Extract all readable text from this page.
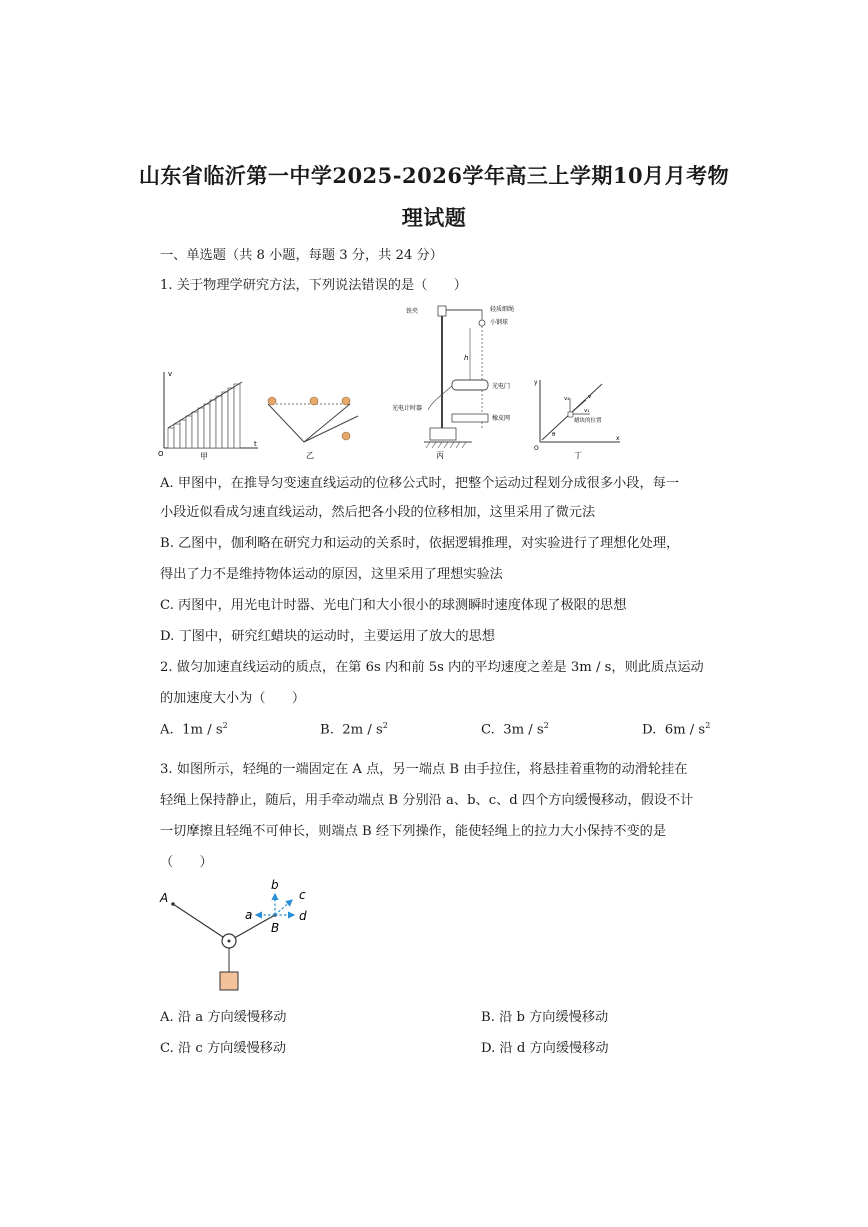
山东省临沂第一中学2025-2026学年高三上学期10月月考物
理试题
一、单选题（共 8 小题，每题 3 分，共 24 分）
1. 关于物理学研究方法，下列说法错误的是（　　）
O
v
t
甲	乙
铁夹	轻质细绳
小钢球
光电门
光电计时器
橡皮网
h
丙
O
y
x
v₂	v
v₁
θ
蜡块的位置
丁
A. 甲图中，在推导匀变速直线运动的位移公式时，把整个运动过程划分成很多小段，每一
小段近似看成匀速直线运动，然后把各小段的位移相加，这里采用了微元法
B. 乙图中，伽利略在研究力和运动的关系时，依据逻辑推理，对实验进行了理想化处理，
得出了力不是维持物体运动的原因，这里采用了理想实验法
C. 丙图中，用光电计时器、光电门和大小很小的球测瞬时速度体现了极限的思想
D. 丁图中，研究红蜡块的运动时，主要运用了放大的思想
2. 做匀加速直线运动的质点，在第 6s 内和前 5s 内的平均速度之差是 3m / s，则此质点运动
的加速度大小为（　　）
A. $1m / s^2$	B. $2m / s^2$	C. $3m / s^2$	D. $6m / s^2$
3. 如图所示，轻绳的一端固定在 A 点，另一端点 B 由手拉住，将悬挂着重物的动滑轮挂在
轻绳上保持静止，随后，用手牵动端点 B 分别沿 a、b、c、d 四个方向缓慢移动，假设不计
一切摩擦且轻绳不可伸长，则端点 B 经下列操作，能使轻绳上的拉力大小保持不变的是
（　　）
A
B
a
b
c
d
A. 沿 a 方向缓慢移动	B. 沿 b 方向缓慢移动
C. 沿 c 方向缓慢移动	D. 沿 d 方向缓慢移动
